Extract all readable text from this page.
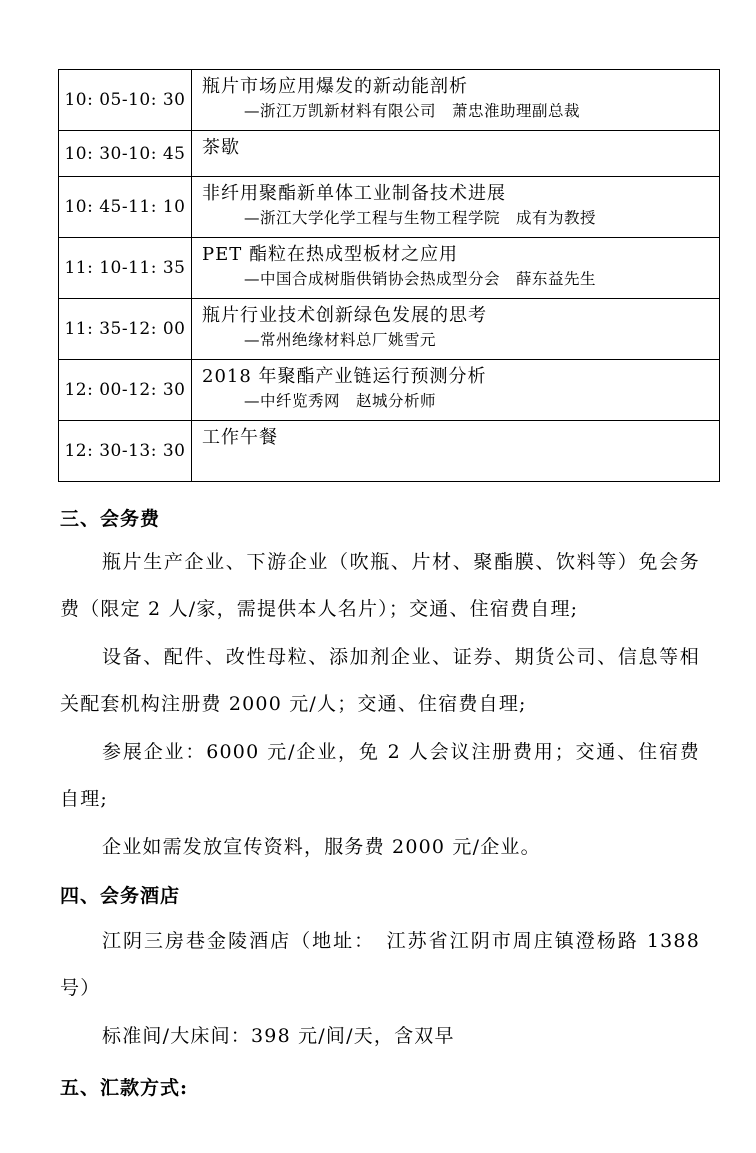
10: 05-10: 30	瓶片市场应用爆发的新动能剖析
—浙江万凯新材料有限公司　萧忠淮助理副总裁

10: 30-10: 45	茶歇

10: 45-11: 10	非纤用聚酯新单体工业制备技术进展
—浙江大学化学工程与生物工程学院　成有为教授

11: 10-11: 35	PET 酯粒在热成型板材之应用
—中国合成树脂供销协会热成型分会　薛东益先生

11: 35-12: 00	瓶片行业技术创新绿色发展的思考
—常州绝缘材料总厂姚雪元

12: 00-12: 30	2018 年聚酯产业链运行预测分析
—中纤览秀网　赵城分析师

12: 30-13: 30	工作午餐
三、会务费

瓶片生产企业、下游企业（吹瓶、片材、聚酯膜、饮料等）免会务费（限定 2 人/家，需提供本人名片）；交通、住宿费自理;

设备、配件、改性母粒、添加剂企业、证券、期货公司、信息等相关配套机构注册费 2000 元/人；交通、住宿费自理;

参展企业：6000 元/企业，免 2 人会议注册费用；交通、住宿费自理;

企业如需发放宣传资料，服务费 2000 元/企业。

四、会务酒店

江阴三房巷金陵酒店（地址：　江苏省江阴市周庄镇澄杨路 1388 号）

标准间/大床间：398 元/间/天，含双早

五、汇款方式:
